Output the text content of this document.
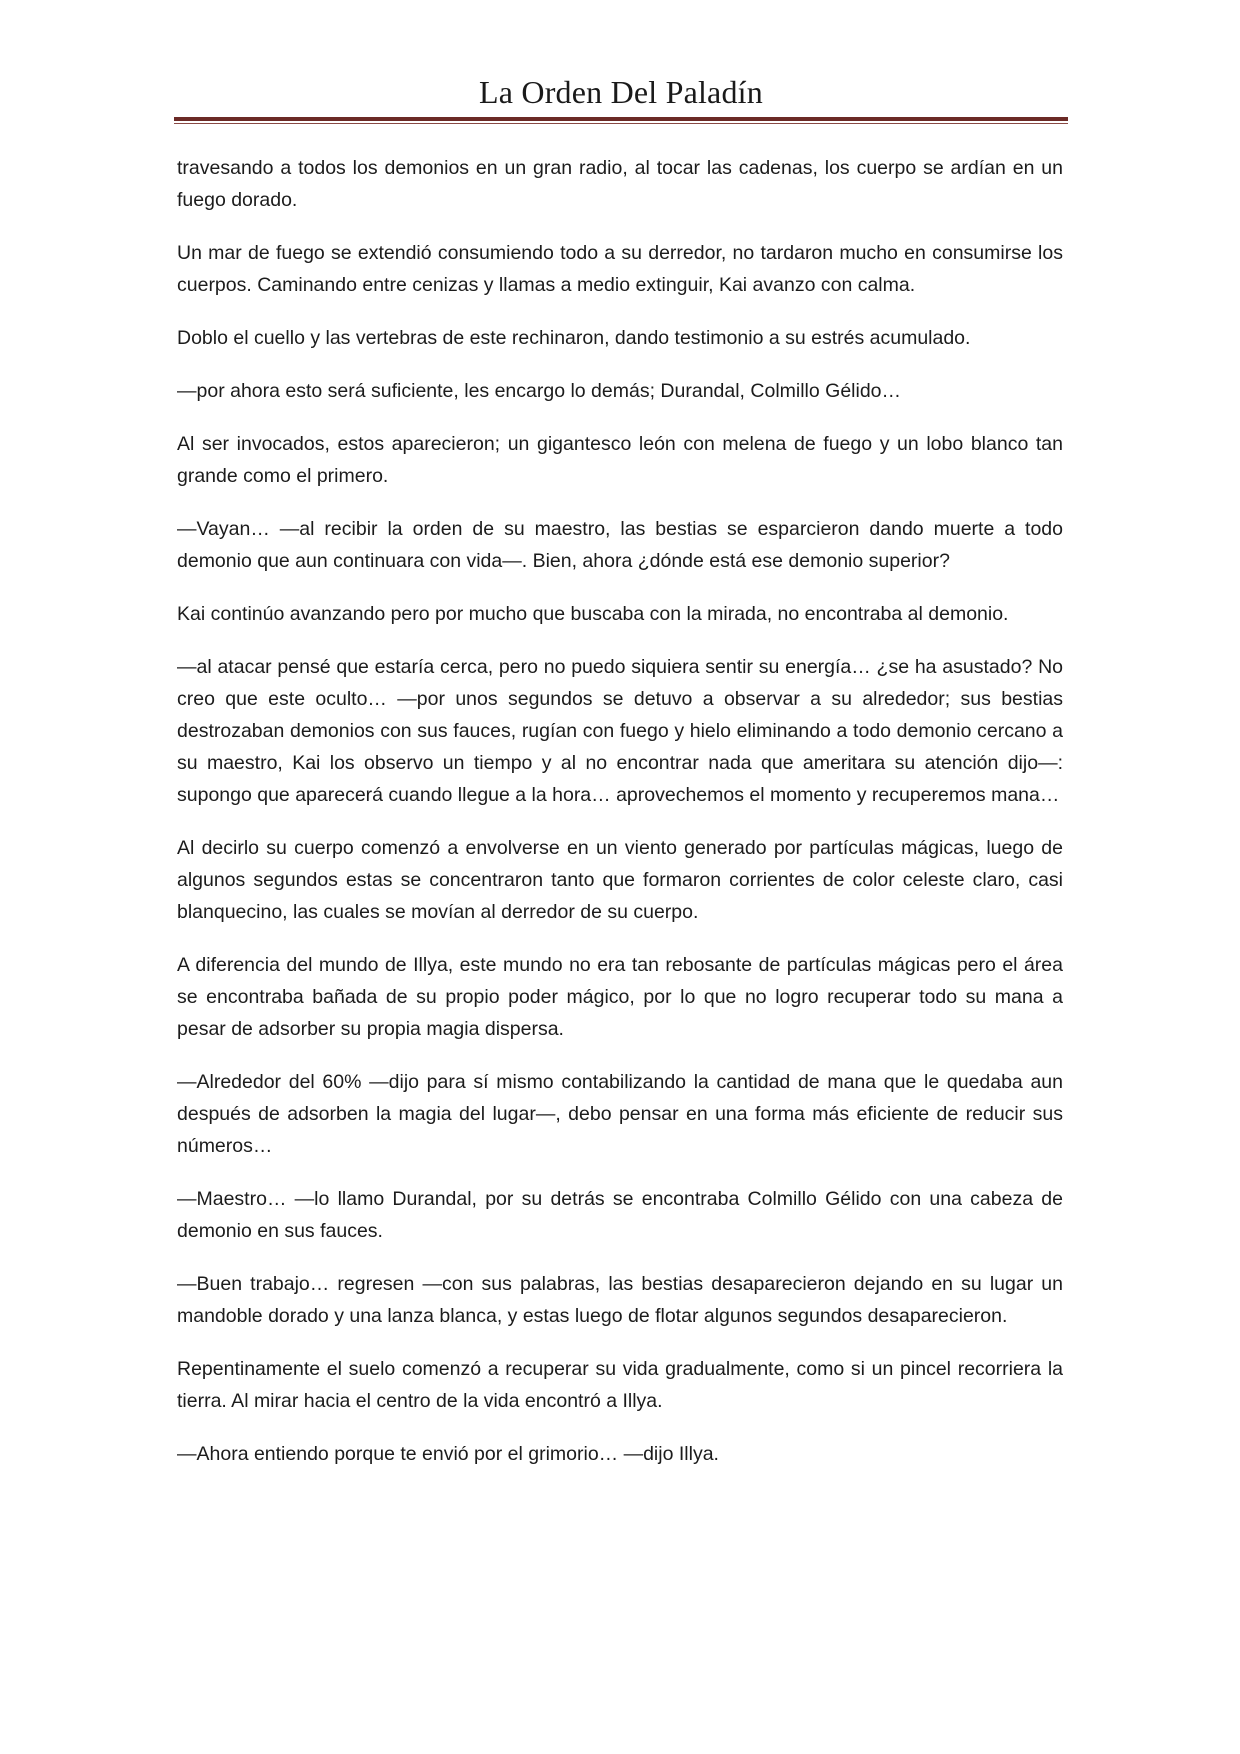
La Orden Del Paladín

travesando a todos los demonios en un gran radio, al tocar las cadenas, los cuerpo se ardían en un fuego dorado.

Un mar de fuego se extendió consumiendo todo a su derredor, no tardaron mucho en consumirse los cuerpos. Caminando entre cenizas y llamas a medio extinguir, Kai avanzo con calma.

Doblo el cuello y las vertebras de este rechinaron, dando testimonio a su estrés acumulado.

—por ahora esto será suficiente, les encargo lo demás; Durandal, Colmillo Gélido…

Al ser invocados, estos aparecieron; un gigantesco león con melena de fuego y un lobo blanco tan grande como el primero.

—Vayan… —al recibir la orden de su maestro, las bestias se esparcieron dando muerte a todo demonio que aun continuara con vida—. Bien, ahora ¿dónde está ese demonio superior?

Kai continúo avanzando pero por mucho que buscaba con la mirada, no encontraba al demonio.

—al atacar pensé que estaría cerca, pero no puedo siquiera sentir su energía… ¿se ha asustado? No creo que este oculto… —por unos segundos se detuvo a observar a su alrededor; sus bestias destrozaban demonios con sus fauces, rugían con fuego y hielo eliminando a todo demonio cercano a su maestro, Kai los observo un tiempo y al no encontrar nada que ameritara su atención dijo—: supongo que aparecerá cuando llegue a la hora… aprovechemos el momento y recuperemos mana…

Al decirlo su cuerpo comenzó a envolverse en un viento generado por partículas mágicas, luego de algunos segundos estas se concentraron tanto que formaron corrientes de color celeste claro, casi blanquecino, las cuales se movían al derredor de su cuerpo.

A diferencia del mundo de Illya, este mundo no era tan rebosante de partículas mágicas pero el área se encontraba bañada de su propio poder mágico, por lo que no logro recuperar todo su mana a pesar de adsorber su propia magia dispersa.

—Alrededor del 60% —dijo para sí mismo contabilizando la cantidad de mana que le quedaba aun después de adsorben la magia del lugar—, debo pensar en una forma más eficiente de reducir sus números…

—Maestro… —lo llamo Durandal, por su detrás se encontraba Colmillo Gélido con una cabeza de demonio en sus fauces.

—Buen trabajo… regresen —con sus palabras, las bestias desaparecieron dejando en su lugar un mandoble dorado y una lanza blanca, y estas luego de flotar algunos segundos desaparecieron.

Repentinamente el suelo comenzó a recuperar su vida gradualmente, como si un pincel recorriera la tierra. Al mirar hacia el centro de la vida encontró a Illya.

—Ahora entiendo porque te envió por el grimorio… —dijo Illya.
